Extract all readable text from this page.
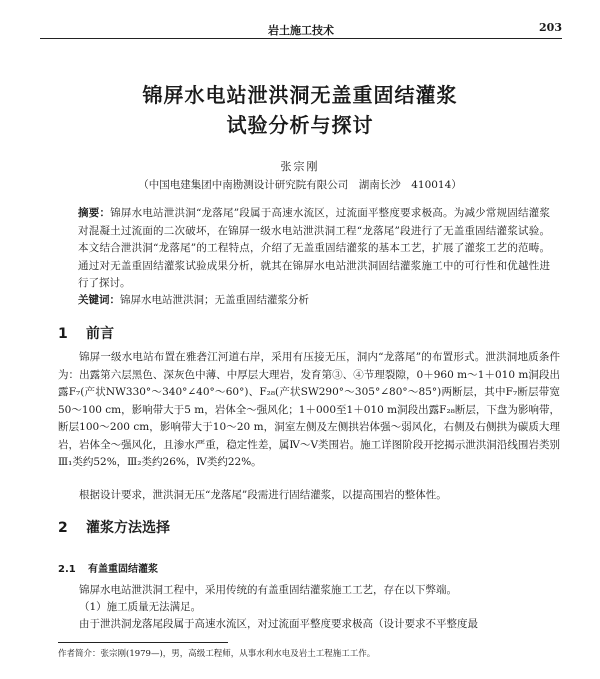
岩土施工技术	203
锦屏水电站泄洪洞无盖重固结灌浆
试验分析与探讨
张宗刚
（中国电建集团中南勘测设计研究院有限公司　湖南长沙　410014）
摘要：锦屏水电站泄洪洞“龙落尾”段属于高速水流区，过流面平整度要求极高。为减少常规固结灌浆对混凝土过流面的二次破坏，在锦屏一级水电站泄洪洞工程“龙落尾”段进行了无盖重固结灌浆试验。本文结合泄洪洞“龙落尾”的工程特点，介绍了无盖重固结灌浆的基本工艺，扩展了灌浆工艺的范畴。通过对无盖重固结灌浆试验成果分析，就其在锦屏水电站泄洪洞固结灌浆施工中的可行性和优越性进行了探讨。
关键词：锦屏水电站泄洪洞；无盖重固结灌浆分析
1 前言
锦屏一级水电站布置在雅砻江河道右岸，采用有压接无压，洞内“龙落尾”的布置形式。泄洪洞地质条件为：出露第六层黑色、深灰色中薄、中厚层大理岩，发育第③、④节理裂隙，0＋960 m～1＋010 m洞段出露F₇(产状NW330°～340°∠40°～60°)、F₂₈(产状SW290°～305°∠80°～85°)两断层，其中F₇断层带宽50～100 cm，影响带大于5 m，岩体全～强风化；1＋000至1＋010 m洞段出露F₂₈断层，下盘为影响带，断层100～200 cm，影响带大于10～20 m，洞室左侧及左侧拱岩体强～弱风化，右侧及右侧拱为碳质大理岩，岩体全～强风化，且渗水严重，稳定性差，属Ⅳ～Ⅴ类围岩。施工详图阶段开挖揭示泄洪洞沿线围岩类别Ⅲ₁类约52%，Ⅲ₂类约26%，Ⅳ类约22%。
根据设计要求，泄洪洞无压“龙落尾”段需进行固结灌浆，以提高围岩的整体性。
2 灌浆方法选择
2.1 有盖重固结灌浆
锦屏水电站泄洪洞工程中，采用传统的有盖重固结灌浆施工工艺，存在以下弊端。
（1）施工质量无法满足。
由于泄洪洞龙落尾段属于高速水流区，对过流面平整度要求极高（设计要求不平整度最
作者简介：张宗刚(1979—)，男，高级工程师，从事水利水电及岩土工程施工工作。
